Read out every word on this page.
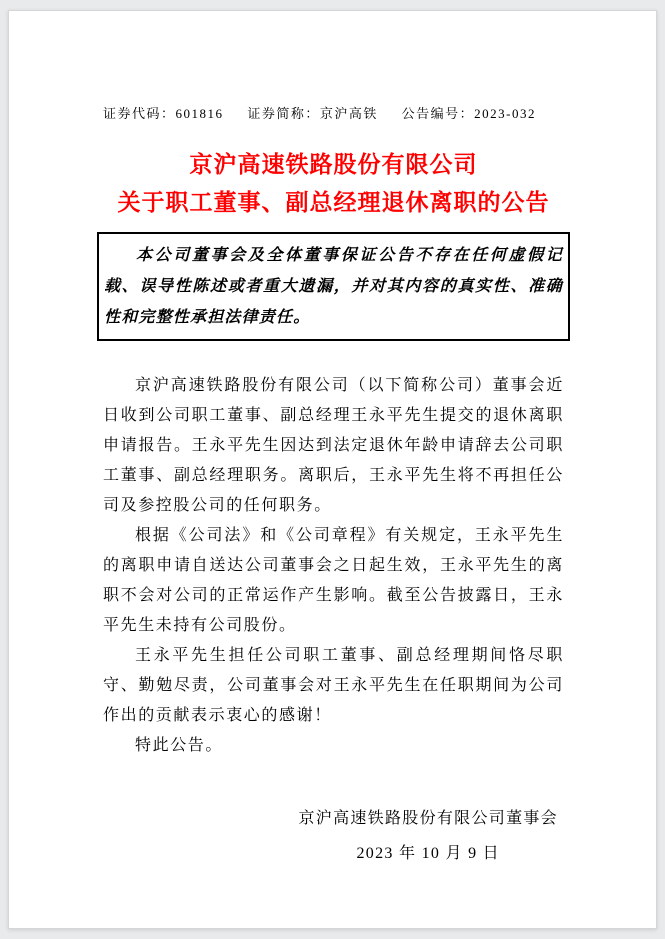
证券代码：601816 证券简称：京沪高铁 公告编号：2023-032
京沪高速铁路股份有限公司
关于职工董事、副总经理退休离职的公告

本公司董事会及全体董事保证公告不存在任何虚假记载、误导性陈述或者重大遗漏，并对其内容的真实性、准确性和完整性承担法律责任。

京沪高速铁路股份有限公司（以下简称公司）董事会近日收到公司职工董事、副总经理王永平先生提交的退休离职申请报告。王永平先生因达到法定退休年龄申请辞去公司职工董事、副总经理职务。离职后，王永平先生将不再担任公司及参控股公司的任何职务。

根据《公司法》和《公司章程》有关规定，王永平先生的离职申请自送达公司董事会之日起生效，王永平先生的离职不会对公司的正常运作产生影响。截至公告披露日，王永平先生未持有公司股份。

王永平先生担任公司职工董事、副总经理期间恪尽职守、勤勉尽责，公司董事会对王永平先生在任职期间为公司作出的贡献表示衷心的感谢！

特此公告。

京沪高速铁路股份有限公司董事会
2023 年 10 月 9 日
